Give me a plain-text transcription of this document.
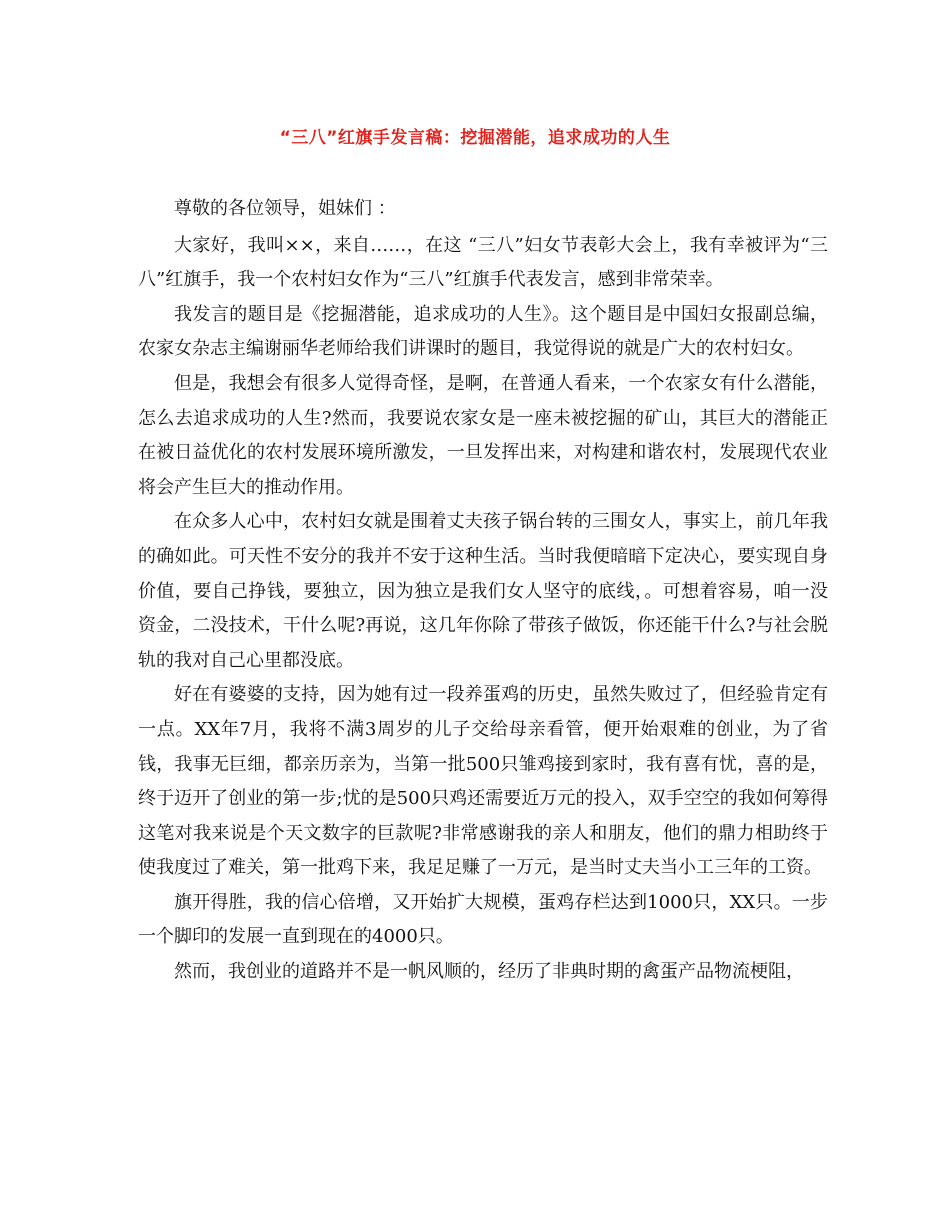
“三八”红旗手发言稿：挖掘潜能，追求成功的人生

尊敬的各位领导，姐妹们 ：

大家好，我叫××，来自……，在这 “三八”妇女节表彰大会上，我有幸被评为“三八”红旗手，我一个农村妇女作为“三八”红旗手代表发言，感到非常荣幸。

我发言的题目是《挖掘潜能，追求成功的人生》。这个题目是中国妇女报副总编，农家女杂志主编谢丽华老师给我们讲课时的题目，我觉得说的就是广大的农村妇女。

但是，我想会有很多人觉得奇怪，是啊，在普通人看来，一个农家女有什么潜能，怎么去追求成功的人生?然而，我要说农家女是一座未被挖掘的矿山，其巨大的潜能正在被日益优化的农村发展环境所激发，一旦发挥出来，对构建和谐农村，发展现代农业将会产生巨大的推动作用。

在众多人心中，农村妇女就是围着丈夫孩子锅台转的三围女人，事实上，前几年我的确如此。可天性不安分的我并不安于这种生活。当时我便暗暗下定决心，要实现自身价值，要自己挣钱，要独立，因为独立是我们女人坚守的底线，。可想着容易，咱一没资金，二没技术，干什么呢?再说，这几年你除了带孩子做饭，你还能干什么?与社会脱轨的我对自己心里都没底。

好在有婆婆的支持，因为她有过一段养蛋鸡的历史，虽然失败过了，但经验肯定有一点。XX年7月，我将不满3周岁的儿子交给母亲看管，便开始艰难的创业，为了省钱，我事无巨细，都亲历亲为，当第一批500只雏鸡接到家时，我有喜有忧，喜的是，终于迈开了创业的第一步;忧的是500只鸡还需要近万元的投入，双手空空的我如何筹得这笔对我来说是个天文数字的巨款呢?非常感谢我的亲人和朋友，他们的鼎力相助终于使我度过了难关，第一批鸡下来，我足足赚了一万元，是当时丈夫当小工三年的工资。

旗开得胜，我的信心倍增，又开始扩大规模，蛋鸡存栏达到1000只，XX只。一步一个脚印的发展一直到现在的4000只。

然而，我创业的道路并不是一帆风顺的，经历了非典时期的禽蛋产品物流梗阻，
